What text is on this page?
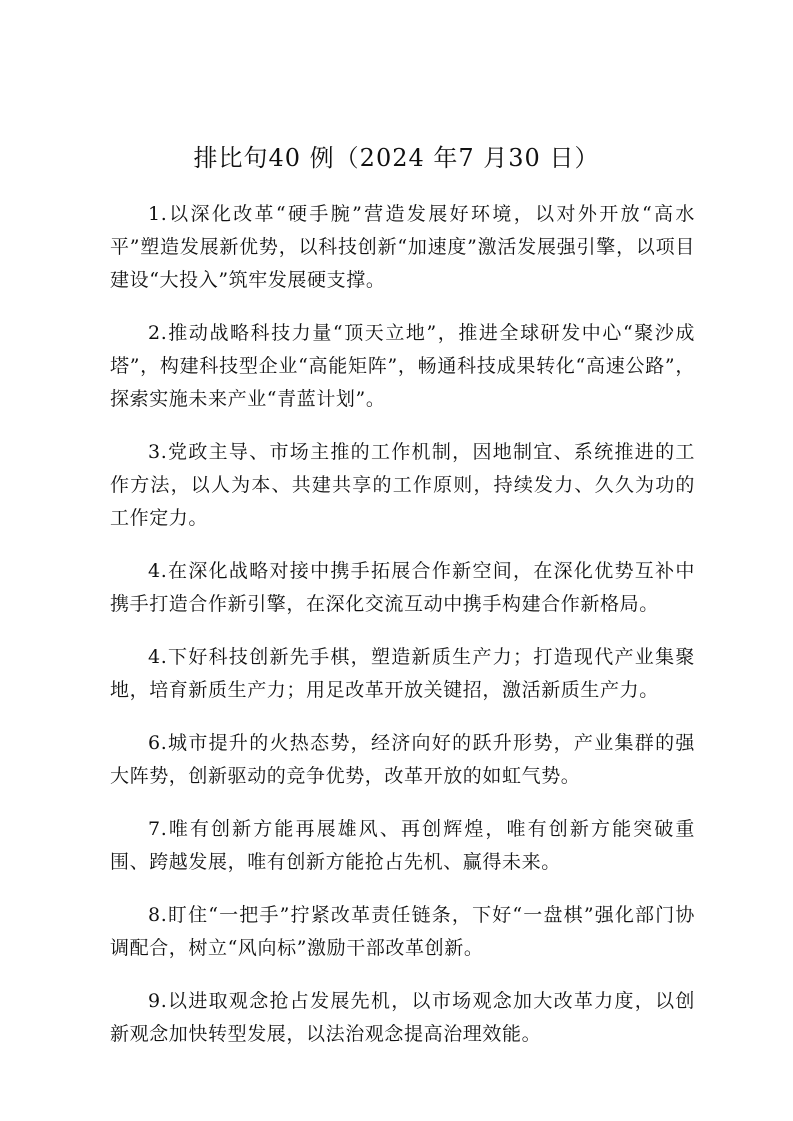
排比句40 例（2024 年7 月30 日）

1.以深化改革“硬手腕”营造发展好环境，以对外开放“高水平”塑造发展新优势，以科技创新“加速度”激活发展强引擎，以项目建设“大投入”筑牢发展硬支撑。

2.推动战略科技力量“顶天立地”，推进全球研发中心“聚沙成塔”，构建科技型企业“高能矩阵”，畅通科技成果转化“高速公路”，探索实施未来产业“青蓝计划”。

3.党政主导、市场主推的工作机制，因地制宜、系统推进的工作方法，以人为本、共建共享的工作原则，持续发力、久久为功的工作定力。

4.在深化战略对接中携手拓展合作新空间，在深化优势互补中携手打造合作新引擎，在深化交流互动中携手构建合作新格局。

4.下好科技创新先手棋，塑造新质生产力；打造现代产业集聚地，培育新质生产力；用足改革开放关键招，激活新质生产力。

6.城市提升的火热态势，经济向好的跃升形势，产业集群的强大阵势，创新驱动的竞争优势，改革开放的如虹气势。

7.唯有创新方能再展雄风、再创辉煌，唯有创新方能突破重围、跨越发展，唯有创新方能抢占先机、赢得未来。

8.盯住“一把手”拧紧改革责任链条，下好“一盘棋”强化部门协调配合，树立“风向标”激励干部改革创新。

9.以进取观念抢占发展先机，以市场观念加大改革力度，以创新观念加快转型发展，以法治观念提高治理效能。
